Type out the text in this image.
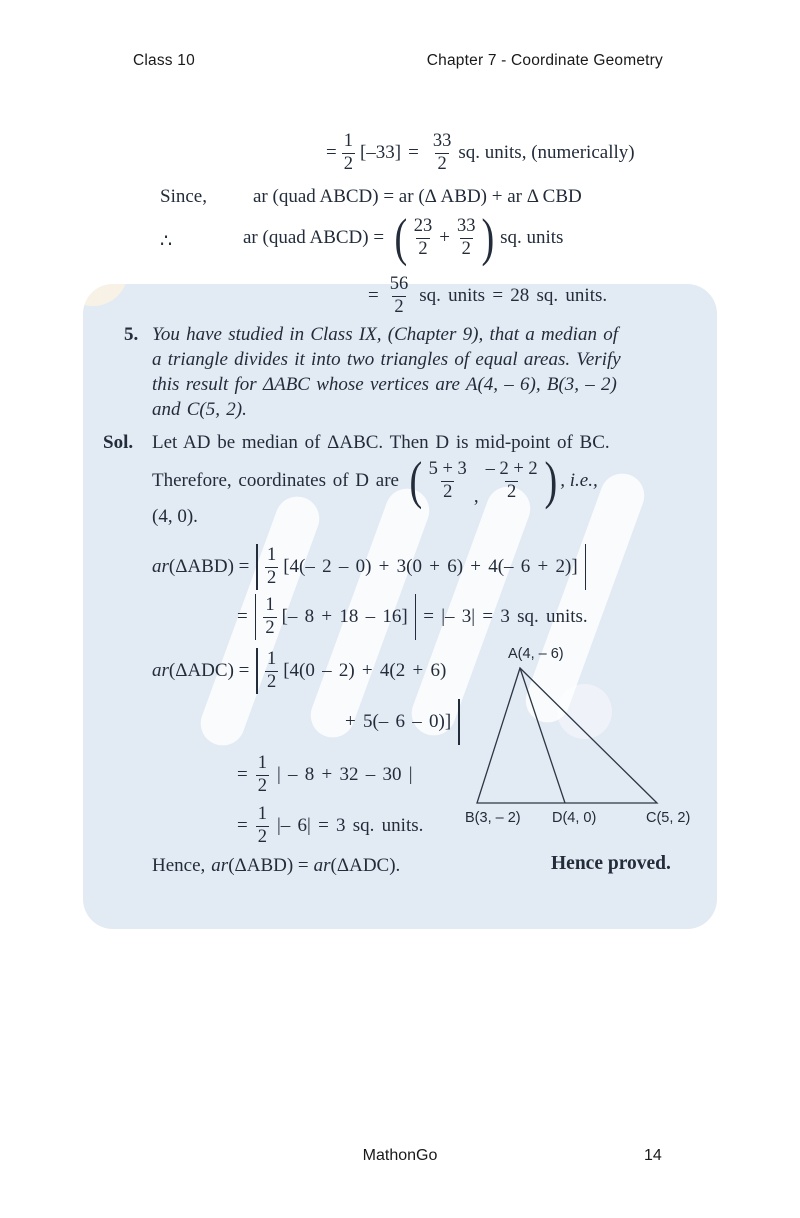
Class 10	Chapter 7 - Coordinate Geometry
= $\frac{1}{2} [-33] = \frac{33}{2}$ sq. units, (numerically)
Since, ar (quad ABCD) = ar (Δ ABD) + ar Δ CBD
∴	ar (quad ABCD) = ( $\frac{23}{2} + \frac{33}{2}$ ) sq. units
= $\frac{56}{2}$ sq. units = 28 sq. units.
5. You have studied in Class IX, (Chapter 9), that a median of
a triangle divides it into two triangles of equal areas. Verify
this result for ΔABC whose vertices are A(4, – 6), B(3, – 2)
and C(5, 2).
Sol. Let AD be median of ΔABC. Then D is mid-point of BC.
Therefore, coordinates of D are ( $\frac{5 + 3}{2}$ , $\frac{- 2 + 2}{2}$ ) , i.e.,
(4, 0).
ar $(\Delta ABD) = \frac{1}{2} [4(-$ 2 – 0) + 3(0 + 6) + 4(– 6 + 2)]
= $\frac{1}{2}$ [– 8 + 18 – 16] = |– 3| = 3 sq. units.
ar $(\Delta ADC) = \frac{1}{2} [4(0 - 2) + 4(2 + 6)$
+ 5(– 6 – 0)]
= $\frac{1}{2}$ | – 8 + 32 – 30 |
= $\frac{1}{2}$ |– 6| = 3 sq. units.
Hence, ar (ΔABD) = ar (ΔADC).	Hence proved.
A(4, – 6)
B(3, – 2) D(4, 0)	C(5, 2)
MathonGo	14
